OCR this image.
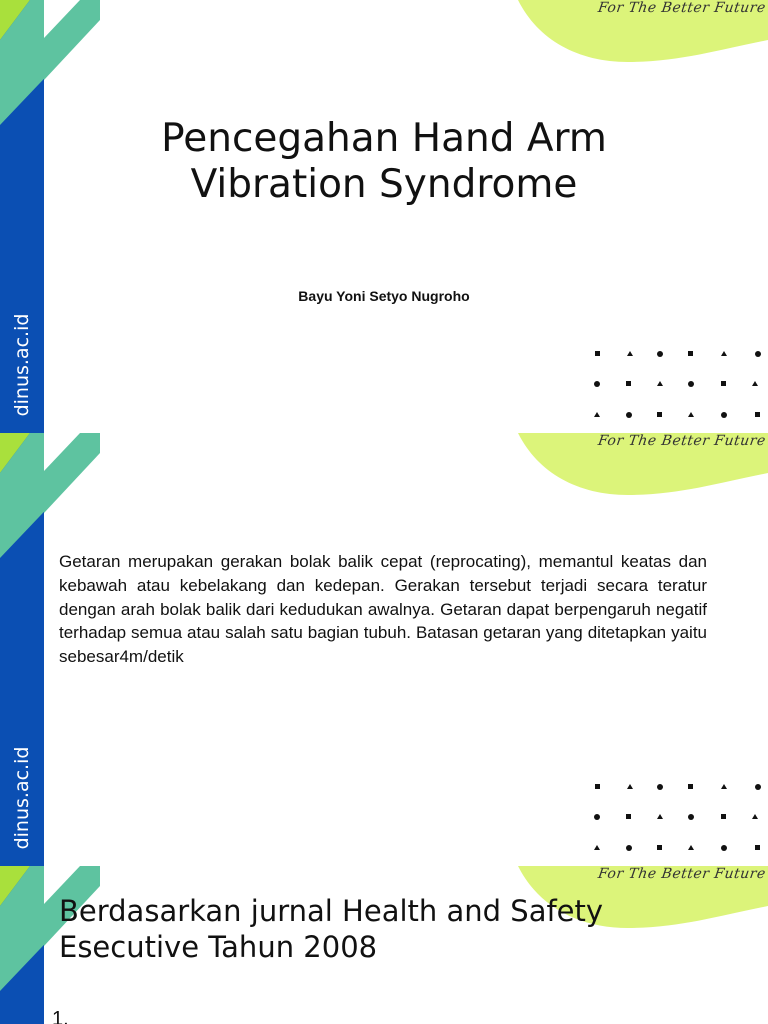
dinus.ac.id
For The Better Future
Pencegahan Hand Arm Vibration Syndrome
Bayu Yoni Setyo Nugroho
dinus.ac.id
For The Better Future

Getaran merupakan gerakan bolak balik cepat (reprocating), memantul keatas dan kebawah atau kebelakang dan kedepan. Gerakan tersebut terjadi secara teratur dengan arah bolak balik dari kedudukan awalnya. Getaran dapat berpengaruh negatif terhadap semua atau salah satu bagian tubuh. Batasan getaran yang ditetapkan yaitu sebesar4m/detik

For The Better Future
Berdasarkan jurnal Health and Safety
Esecutive Tahun 2008
1.
